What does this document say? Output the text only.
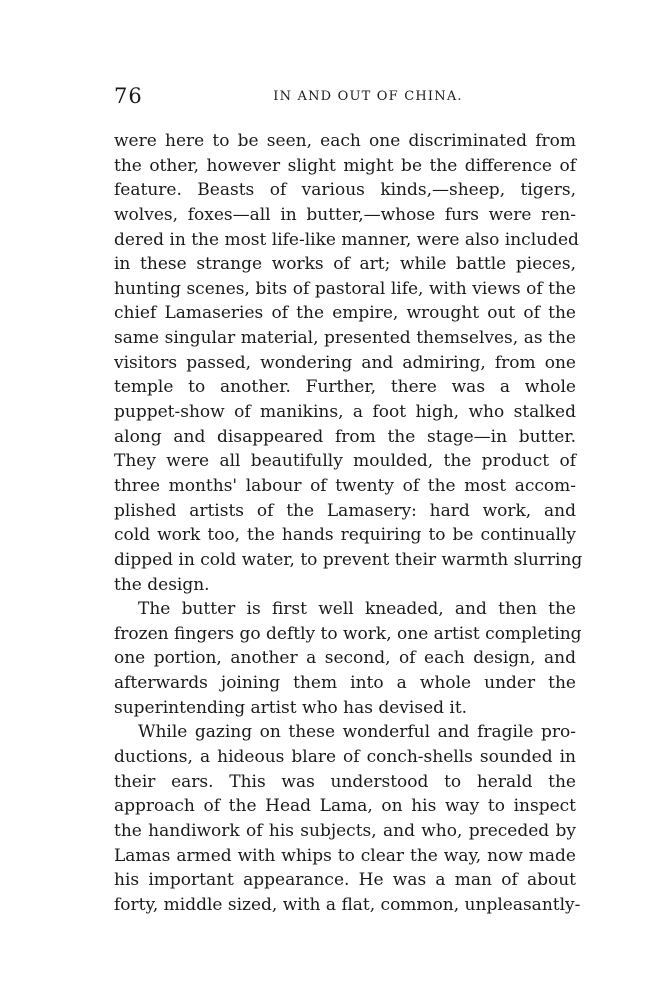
76	IN AND OUT OF CHINA.
were here to be seen, each one discriminated from
the other, however slight might be the difference of
feature. Beasts of various kinds,—sheep, tigers,
wolves, foxes—all in butter,—whose furs were ren-
dered in the most life-like manner, were also included
in these strange works of art; while battle pieces,
hunting scenes, bits of pastoral life, with views of the
chief Lamaseries of the empire, wrought out of the
same singular material, presented themselves, as the
visitors passed, wondering and admiring, from one
temple to another. Further, there was a whole
puppet-show of manikins, a foot high, who stalked
along and disappeared from the stage—in butter.
They were all beautifully moulded, the product of
three months' labour of twenty of the most accom-
plished artists of the Lamasery: hard work, and
cold work too, the hands requiring to be continually
dipped in cold water, to prevent their warmth slurring
the design.
The butter is first well kneaded, and then the
frozen fingers go deftly to work, one artist completing
one portion, another a second, of each design, and
afterwards joining them into a whole under the
superintending artist who has devised it.
While gazing on these wonderful and fragile pro-
ductions, a hideous blare of conch-shells sounded in
their ears. This was understood to herald the
approach of the Head Lama, on his way to inspect
the handiwork of his subjects, and who, preceded by
Lamas armed with whips to clear the way, now made
his important appearance. He was a man of about
forty, middle sized, with a flat, common, unpleasantly-
